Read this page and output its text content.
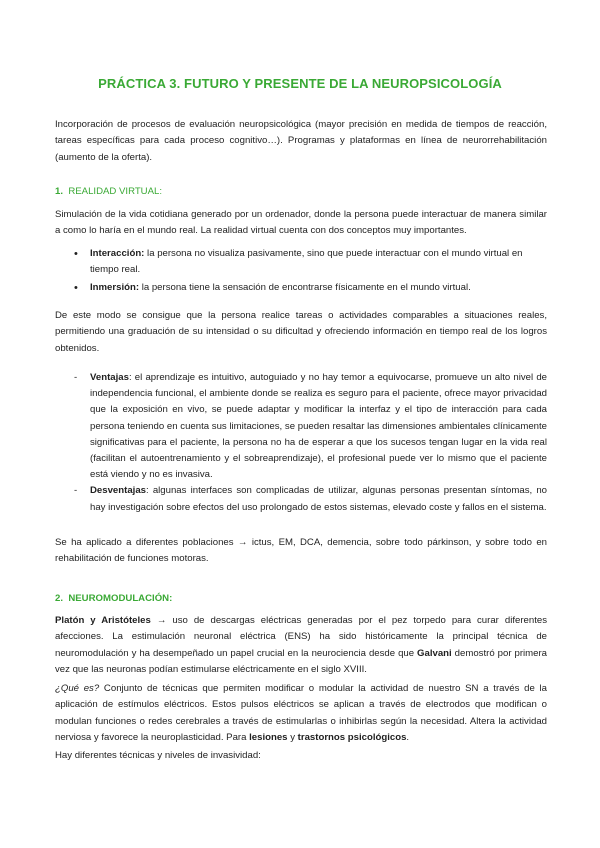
PRÁCTICA 3. FUTURO Y PRESENTE DE LA NEUROPSICOLOGÍA

Incorporación de procesos de evaluación neuropsicológica (mayor precisión en medida de tiempos de reacción, tareas específicas para cada proceso cognitivo…). Programas y plataformas en línea de neurorrehabilitación (aumento de la oferta).

1. REALIDAD VIRTUAL:

Simulación de la vida cotidiana generado por un ordenador, donde la persona puede interactuar de manera similar a como lo haría en el mundo real. La realidad virtual cuenta con dos conceptos muy importantes.

• Interacción: la persona no visualiza pasivamente, sino que puede interactuar con el mundo virtual en tiempo real.
• Inmersión: la persona tiene la sensación de encontrarse físicamente en el mundo virtual.

De este modo se consigue que la persona realice tareas o actividades comparables a situaciones reales, permitiendo una graduación de su intensidad o su dificultad y ofreciendo información en tiempo real de los logros obtenidos.

- Ventajas: el aprendizaje es intuitivo, autoguiado y no hay temor a equivocarse, promueve un alto nivel de independencia funcional, el ambiente donde se realiza es seguro para el paciente, ofrece mayor privacidad que la exposición en vivo, se puede adaptar y modificar la interfaz y el tipo de interacción para cada persona teniendo en cuenta sus limitaciones, se pueden resaltar las dimensiones ambientales clínicamente significativas para el paciente, la persona no ha de esperar a que los sucesos tengan lugar en la vida real (facilitan el autoentrenamiento y el sobreaprendizaje), el profesional puede ver lo mismo que el paciente está viendo y no es invasiva.
- Desventajas: algunas interfaces son complicadas de utilizar, algunas personas presentan síntomas, no hay investigación sobre efectos del uso prolongado de estos sistemas, elevado coste y fallos en el sistema.

Se ha aplicado a diferentes poblaciones → ictus, EM, DCA, demencia, sobre todo párkinson, y sobre todo en rehabilitación de funciones motoras.

2. NEUROMODULACIÓN:

Platón y Aristóteles → uso de descargas eléctricas generadas por el pez torpedo para curar diferentes afecciones. La estimulación neuronal eléctrica (ENS) ha sido históricamente la principal técnica de neuromodulación y ha desempeñado un papel crucial en la neurociencia desde que Galvani demostró por primera vez que las neuronas podían estimularse eléctricamente en el siglo XVIII.

¿Qué es? Conjunto de técnicas que permiten modificar o modular la actividad de nuestro SN a través de la aplicación de estímulos eléctricos. Estos pulsos eléctricos se aplican a través de electrodos que modifican o modulan funciones o redes cerebrales a través de estimularlas o inhibirlas según la necesidad. Altera la actividad nerviosa y favorece la neuroplasticidad. Para lesiones y trastornos psicológicos.

Hay diferentes técnicas y niveles de invasividad:
